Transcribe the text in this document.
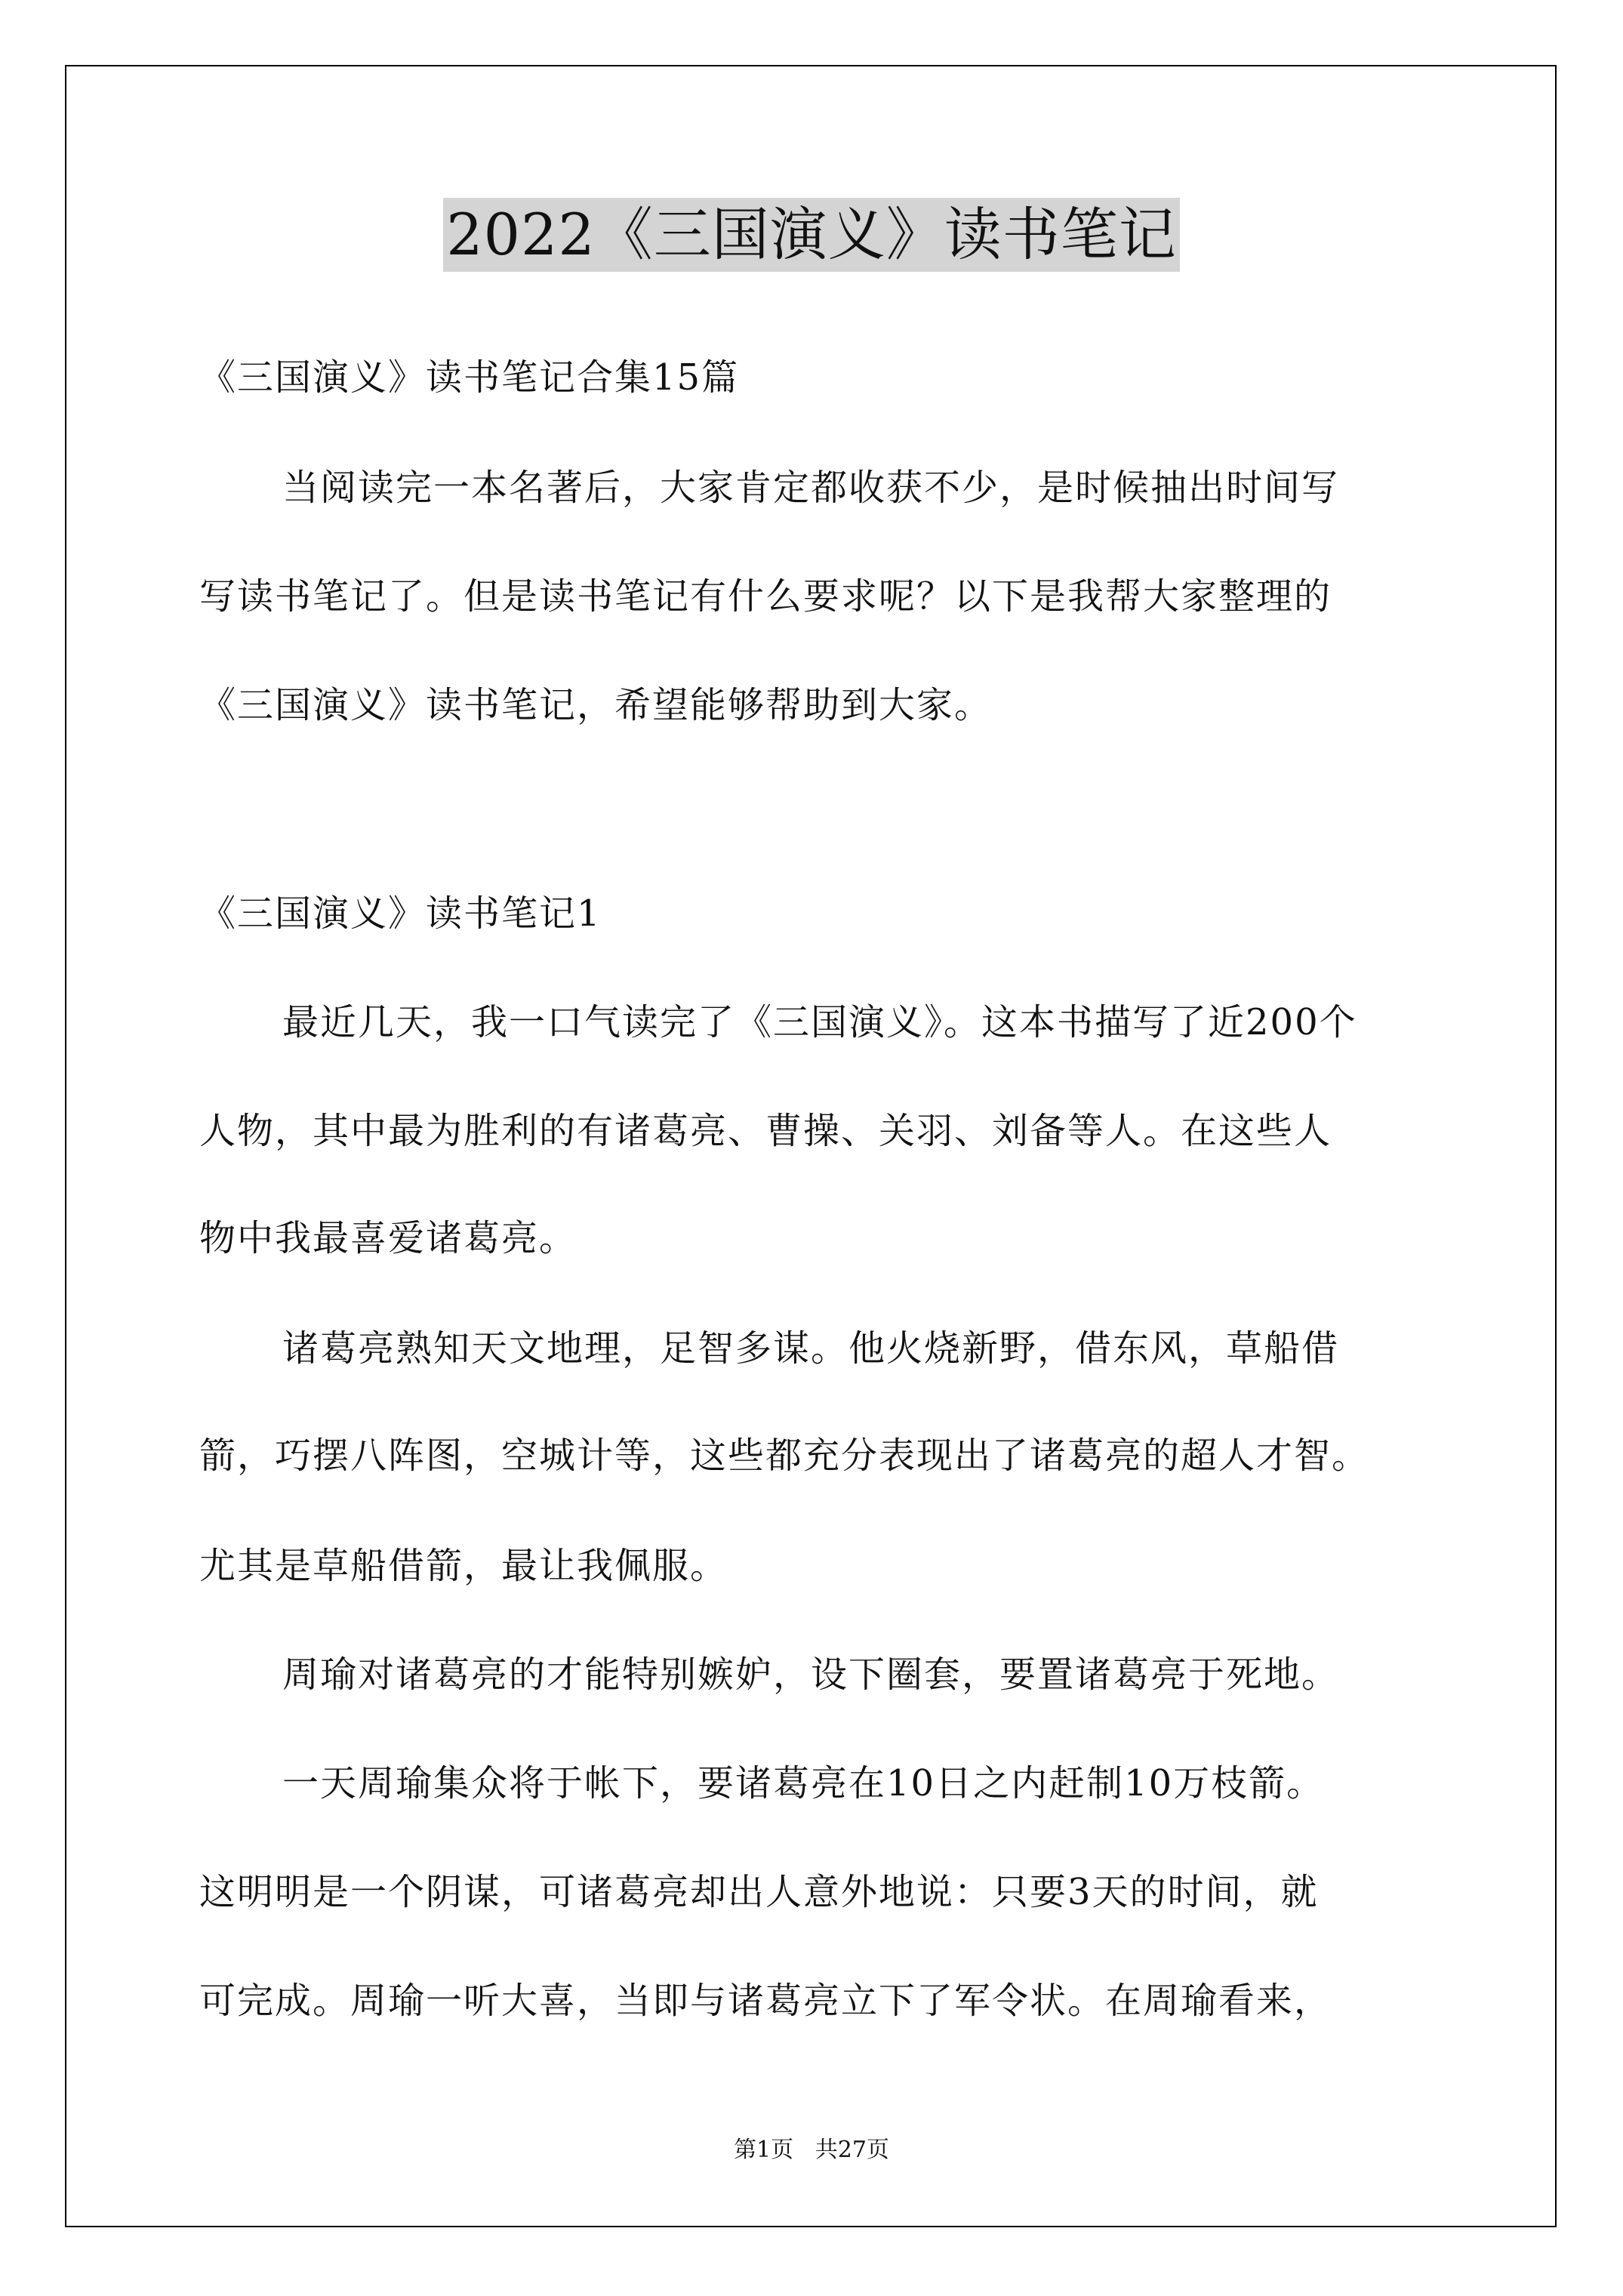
2022《三国演义》读书笔记
《三国演义》读书笔记合集15篇
当阅读完一本名著后，大家肯定都收获不少，是时候抽出时间写
写读书笔记了。但是读书笔记有什么要求呢？以下是我帮大家整理的
《三国演义》读书笔记，希望能够帮助到大家。
《三国演义》读书笔记1
最近几天，我一口气读完了《三国演义》。这本书描写了近200个
人物，其中最为胜利的有诸葛亮、曹操、关羽、刘备等人。在这些人
物中我最喜爱诸葛亮。
诸葛亮熟知天文地理，足智多谋。他火烧新野，借东风，草船借
箭，巧摆八阵图，空城计等，这些都充分表现出了诸葛亮的超人才智。
尤其是草船借箭，最让我佩服。
周瑜对诸葛亮的才能特别嫉妒，设下圈套，要置诸葛亮于死地。
一天周瑜集众将于帐下，要诸葛亮在10日之内赶制10万枝箭。
这明明是一个阴谋，可诸葛亮却出人意外地说：只要3天的时间，就
可完成。周瑜一听大喜，当即与诸葛亮立下了军令状。在周瑜看来，
第1页   共27页
